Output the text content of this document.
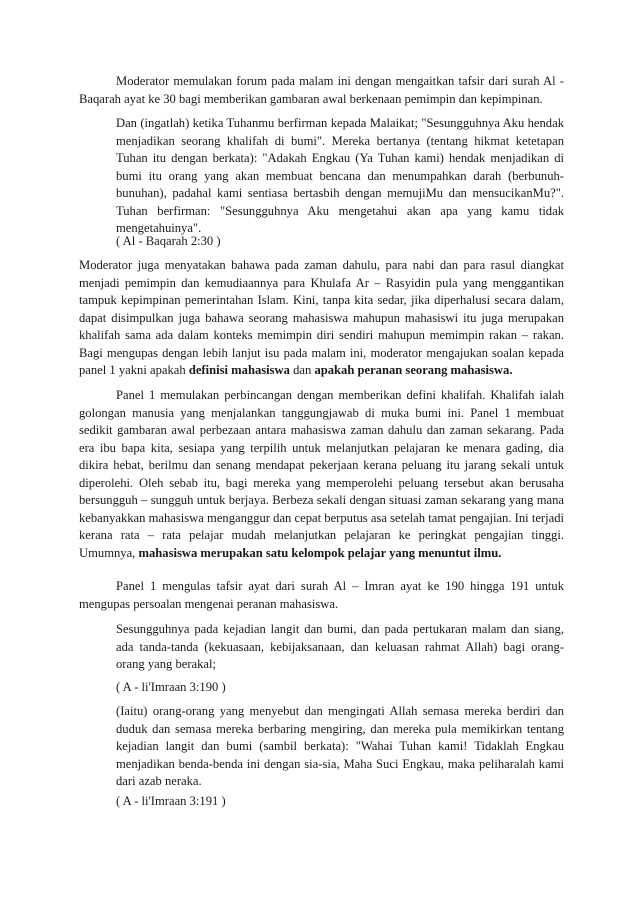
Moderator memulakan forum pada malam ini dengan mengaitkan tafsir dari surah Al - Baqarah ayat ke 30 bagi memberikan gambaran awal berkenaan pemimpin dan kepimpinan.

Dan (ingatlah) ketika Tuhanmu berfirman kepada Malaikat; "Sesungguhnya Aku hendak menjadikan seorang khalifah di bumi". Mereka bertanya (tentang hikmat ketetapan Tuhan itu dengan berkata): "Adakah Engkau (Ya Tuhan kami) hendak menjadikan di bumi itu orang yang akan membuat bencana dan menumpahkan darah (berbunuh-bunuhan), padahal kami sentiasa bertasbih dengan memujiMu dan mensucikanMu?". Tuhan berfirman: "Sesungguhnya Aku mengetahui akan apa yang kamu tidak mengetahuinya".

( Al - Baqarah 2:30 )

Moderator juga menyatakan bahawa pada zaman dahulu, para nabi dan para rasul diangkat menjadi pemimpin dan kemudiaannya para Khulafa Ar – Rasyidin pula yang menggantikan tampuk kepimpinan pemerintahan Islam. Kini, tanpa kita sedar, jika diperhalusi secara dalam, dapat disimpulkan juga bahawa seorang mahasiswa mahupun mahasiswi itu juga merupakan khalifah sama ada dalam konteks memimpin diri sendiri mahupun memimpin rakan – rakan. Bagi mengupas dengan lebih lanjut isu pada malam ini, moderator mengajukan soalan kepada panel 1 yakni apakah definisi mahasiswa dan apakah peranan seorang mahasiswa.

Panel 1 memulakan perbincangan dengan memberikan defini khalifah. Khalifah ialah golongan manusia yang menjalankan tanggungjawab di muka bumi ini. Panel 1 membuat sedikit gambaran awal perbezaan antara mahasiswa zaman dahulu dan zaman sekarang. Pada era ibu bapa kita, sesiapa yang terpilih untuk melanjutkan pelajaran ke menara gading, dia dikira hebat, berilmu dan senang mendapat pekerjaan kerana peluang itu jarang sekali untuk diperolehi. Oleh sebab itu, bagi mereka yang memperolehi peluang tersebut akan berusaha bersungguh – sungguh untuk berjaya. Berbeza sekali dengan situasi zaman sekarang yang mana kebanyakkan mahasiswa menganggur dan cepat berputus asa setelah tamat pengajian. Ini terjadi kerana rata – rata pelajar mudah melanjutkan pelajaran ke peringkat pengajian tinggi. Umumnya, mahasiswa merupakan satu kelompok pelajar yang menuntut ilmu.

Panel 1 mengulas tafsir ayat dari surah Al – Imran ayat ke 190 hingga 191 untuk mengupas persoalan mengenai peranan mahasiswa.

Sesungguhnya pada kejadian langit dan bumi, dan pada pertukaran malam dan siang, ada tanda-tanda (kekuasaan, kebijaksanaan, dan keluasan rahmat Allah) bagi orang-orang yang berakal;

( A - li'Imraan 3:190 )

(Iaitu) orang-orang yang menyebut dan mengingati Allah semasa mereka berdiri dan duduk dan semasa mereka berbaring mengiring, dan mereka pula memikirkan tentang kejadian langit dan bumi (sambil berkata): "Wahai Tuhan kami! Tidaklah Engkau menjadikan benda-benda ini dengan sia-sia, Maha Suci Engkau, maka peliharalah kami dari azab neraka.

( A - li'Imraan 3:191 )
